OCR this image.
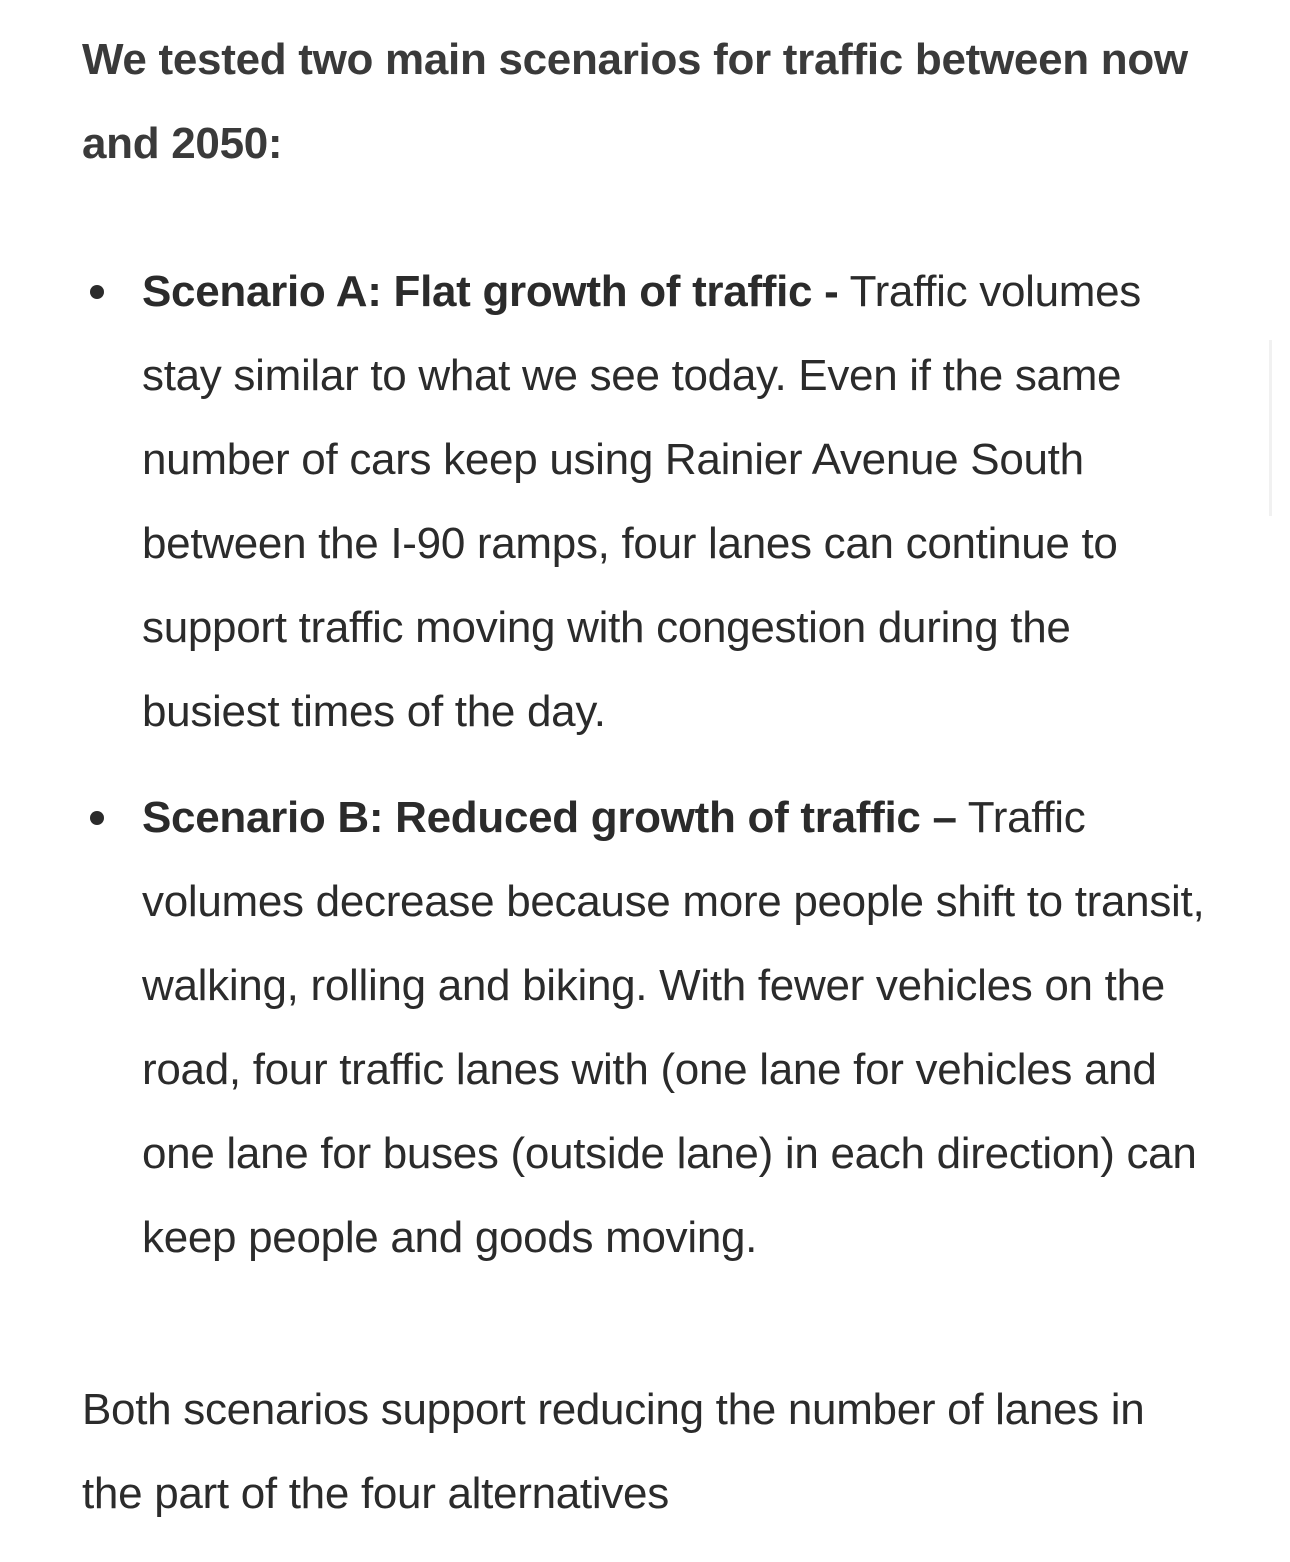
We tested two main scenarios for traffic between now and 2050:

Scenario A: Flat growth of traffic - Traffic volumes stay similar to what we see today. Even if the same number of cars keep using Rainier Avenue South between the I-90 ramps, four lanes can continue to support traffic moving with congestion during the busiest times of the day.
Scenario B: Reduced growth of traffic – Traffic volumes decrease because more people shift to transit, walking, rolling and biking. With fewer vehicles on the road, four traffic lanes with (one lane for vehicles and one lane for buses (outside lane) in each direction) can keep people and goods moving.

Both scenarios support reducing the number of lanes in the part of the four alternatives
